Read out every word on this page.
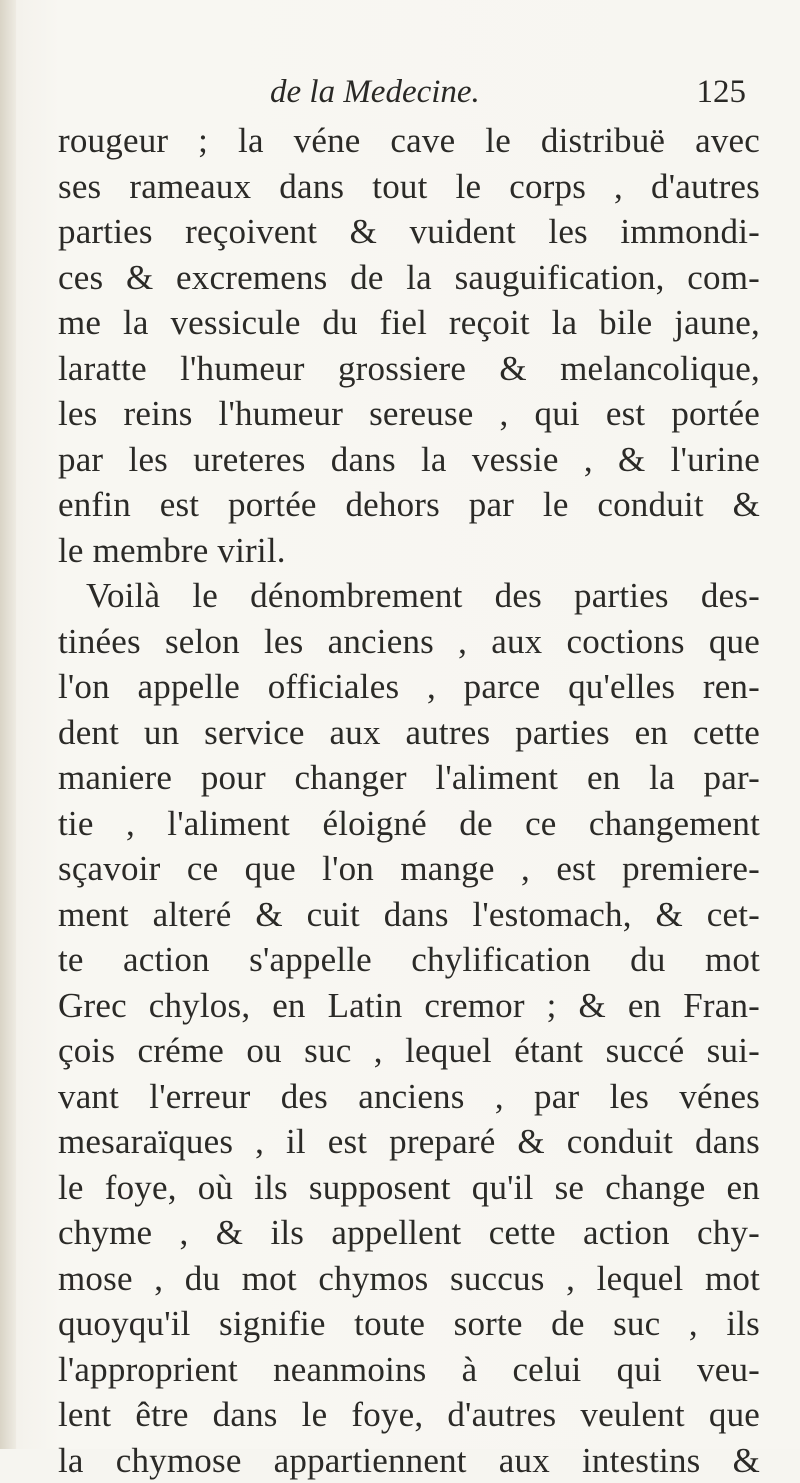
de la Medecine.	125
rougeur ; la véne cave le distribuë avec
ses rameaux dans tout le corps , d'autres
parties reçoivent & vuident les immondi-
ces & excremens de la sauguification, com-
me la vessicule du fiel reçoit la bile jaune,
laratte l'humeur grossiere & melancolique,
les reins l'humeur sereuse , qui est portée
par les ureteres dans la vessie , & l'urine
enfin est portée dehors par le conduit &
le membre viril.
Voilà le dénombrement des parties des-
tinées selon les anciens , aux coctions que
l'on appelle officiales , parce qu'elles ren-
dent un service aux autres parties en cette
maniere pour changer l'aliment en la par-
tie , l'aliment éloigné de ce changement
sçavoir ce que l'on mange , est premiere-
ment alteré & cuit dans l'estomach, & cet-
te action s'appelle chylification du mot
Grec chylos, en Latin cremor ; & en Fran-
çois créme ou suc , lequel étant succé sui-
vant l'erreur des anciens , par les vénes
mesaraïques , il est preparé & conduit dans
le foye, où ils supposent qu'il se change en
chyme , & ils appellent cette action chy-
mose , du mot chymos succus , lequel mot
quoyqu'il signifie toute sorte de suc , ils
l'approprient neanmoins à celui qui veu-
lent être dans le foye, d'autres veulent que
la chymose appartiennent aux intestins &
